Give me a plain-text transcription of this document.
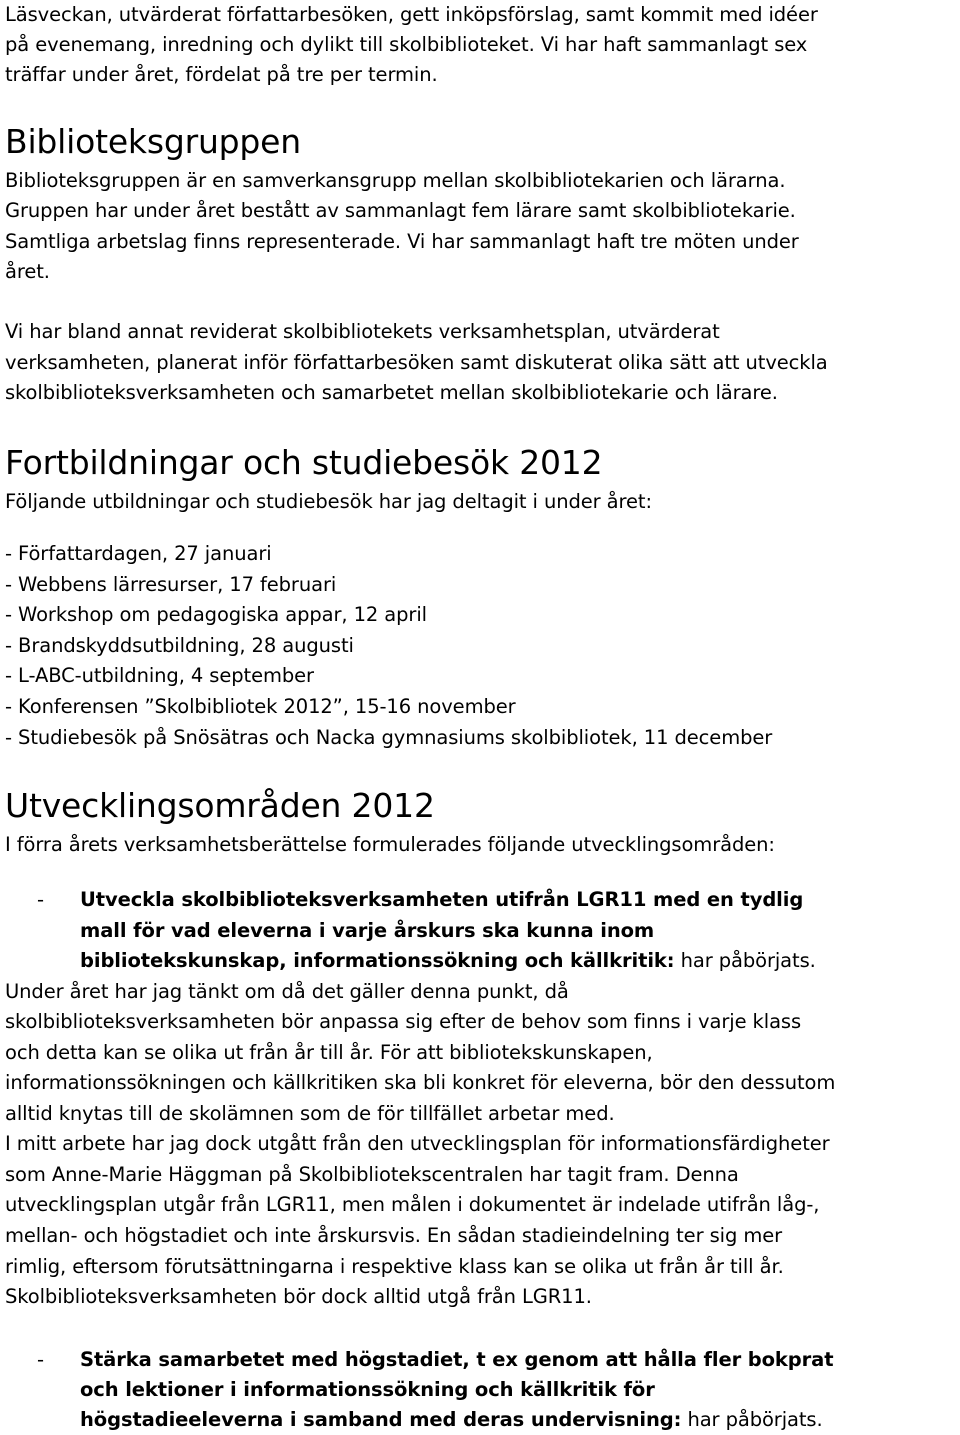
Läsveckan, utvärderat författarbesöken, gett inköpsförslag, samt kommit med idéer
på evenemang, inredning och dylikt till skolbiblioteket. Vi har haft sammanlagt sex
träffar under året, fördelat på tre per termin.
Biblioteksgruppen
Biblioteksgruppen är en samverkansgrupp mellan skolbibliotekarien och lärarna.
Gruppen har under året bestått av sammanlagt fem lärare samt skolbibliotekarie.
Samtliga arbetslag finns representerade. Vi har sammanlagt haft tre möten under
året.
Vi har bland annat reviderat skolbibliotekets verksamhetsplan, utvärderat
verksamheten, planerat inför författarbesöken samt diskuterat olika sätt att utveckla
skolbiblioteksverksamheten och samarbetet mellan skolbibliotekarie och lärare.
Fortbildningar och studiebesök 2012
Följande utbildningar och studiebesök har jag deltagit i under året:
- Författardagen, 27 januari
- Webbens lärresurser, 17 februari
- Workshop om pedagogiska appar, 12 april
- Brandskyddsutbildning, 28 augusti
- L-ABC-utbildning, 4 september
- Konferensen ”Skolbibliotek 2012”, 15-16 november
- Studiebesök på Snösätras och Nacka gymnasiums skolbibliotek, 11 december
Utvecklingsområden 2012
I förra årets verksamhetsberättelse formulerades följande utvecklingsområden:
- Utveckla skolbiblioteksverksamheten utifrån LGR11 med en tydlig
mall för vad eleverna i varje årskurs ska kunna inom
bibliotekskunskap, informationssökning och källkritik: har påbörjats.
Under året har jag tänkt om då det gäller denna punkt, då
skolbiblioteksverksamheten bör anpassa sig efter de behov som finns i varje klass
och detta kan se olika ut från år till år. För att bibliotekskunskapen,
informationssökningen och källkritiken ska bli konkret för eleverna, bör den dessutom
alltid knytas till de skolämnen som de för tillfället arbetar med.
I mitt arbete har jag dock utgått från den utvecklingsplan för informationsfärdigheter
som Anne-Marie Häggman på Skolbibliotekscentralen har tagit fram. Denna
utvecklingsplan utgår från LGR11, men målen i dokumentet är indelade utifrån låg-,
mellan- och högstadiet och inte årskursvis. En sådan stadieindelning ter sig mer
rimlig, eftersom förutsättningarna i respektive klass kan se olika ut från år till år.
Skolbiblioteksverksamheten bör dock alltid utgå från LGR11.
- Stärka samarbetet med högstadiet, t ex genom att hålla fler bokprat
och lektioner i informationssökning och källkritik för
högstadieeleverna i samband med deras undervisning: har påbörjats.
